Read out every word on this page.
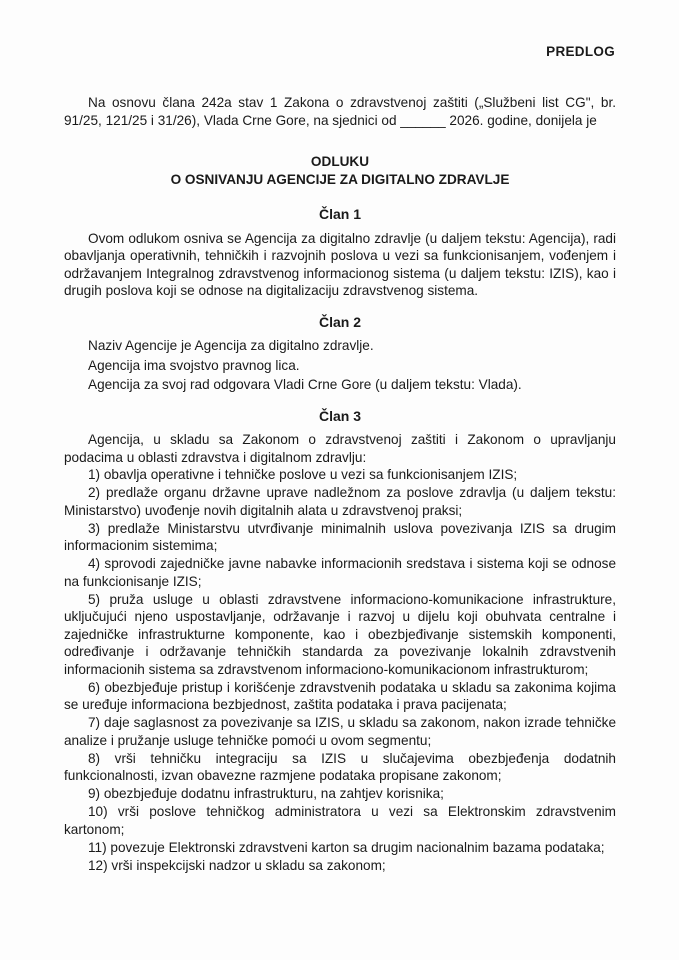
PREDLOG

Na osnovu člana 242a stav 1 Zakona o zdravstvenoj zaštiti („Službeni list CG", br. 91/25, 121/25 i 31/26), Vlada Crne Gore, na sjednici od ______ 2026. godine, donijela je

ODLUKU
O OSNIVANJU AGENCIJE ZA DIGITALNO ZDRAVLJE
Član 1

Ovom odlukom osniva se Agencija za digitalno zdravlje (u daljem tekstu: Agencija), radi obavljanja operativnih, tehničkih i razvojnih poslova u vezi sa funkcionisanjem, vođenjem i održavanjem Integralnog zdravstvenog informacionog sistema (u daljem tekstu: IZIS), kao i drugih poslova koji se odnose na digitalizaciju zdravstvenog sistema.

Član 2

Naziv Agencije je Agencija za digitalno zdravlje.

Agencija ima svojstvo pravnog lica.

Agencija za svoj rad odgovara Vladi Crne Gore (u daljem tekstu: Vlada).

Član 3

Agencija, u skladu sa Zakonom o zdravstvenoj zaštiti i Zakonom o upravljanju podacima u oblasti zdravstva i digitalnom zdravlju:

1) obavlja operativne i tehničke poslove u vezi sa funkcionisanjem IZIS;

2) predlaže organu državne uprave nadležnom za poslove zdravlja (u daljem tekstu: Ministarstvo) uvođenje novih digitalnih alata u zdravstvenoj praksi;

3) predlaže Ministarstvu utvrđivanje minimalnih uslova povezivanja IZIS sa drugim informacionim sistemima;

4) sprovodi zajedničke javne nabavke informacionih sredstava i sistema koji se odnose na funkcionisanje IZIS;

5) pruža usluge u oblasti zdravstvene informaciono-komunikacione infrastrukture, uključujući njeno uspostavljanje, održavanje i razvoj u dijelu koji obuhvata centralne i zajedničke infrastrukturne komponente, kao i obezbjeđivanje sistemskih komponenti, određivanje i održavanje tehničkih standarda za povezivanje lokalnih zdravstvenih informacionih sistema sa zdravstvenom informaciono-komunikacionom infrastrukturom;

6) obezbjeđuje pristup i korišćenje zdravstvenih podataka u skladu sa zakonima kojima se uređuje informaciona bezbjednost, zaštita podataka i prava pacijenata;

7) daje saglasnost za povezivanje sa IZIS, u skladu sa zakonom, nakon izrade tehničke analize i pružanje usluge tehničke pomoći u ovom segmentu;

8) vrši tehničku integraciju sa IZIS u slučajevima obezbjeđenja dodatnih funkcionalnosti, izvan obavezne razmjene podataka propisane zakonom;

9) obezbjeđuje dodatnu infrastrukturu, na zahtjev korisnika;

10) vrši poslove tehničkog administratora u vezi sa Elektronskim zdravstvenim kartonom;

11) povezuje Elektronski zdravstveni karton sa drugim nacionalnim bazama podataka;

12) vrši inspekcijski nadzor u skladu sa zakonom;
